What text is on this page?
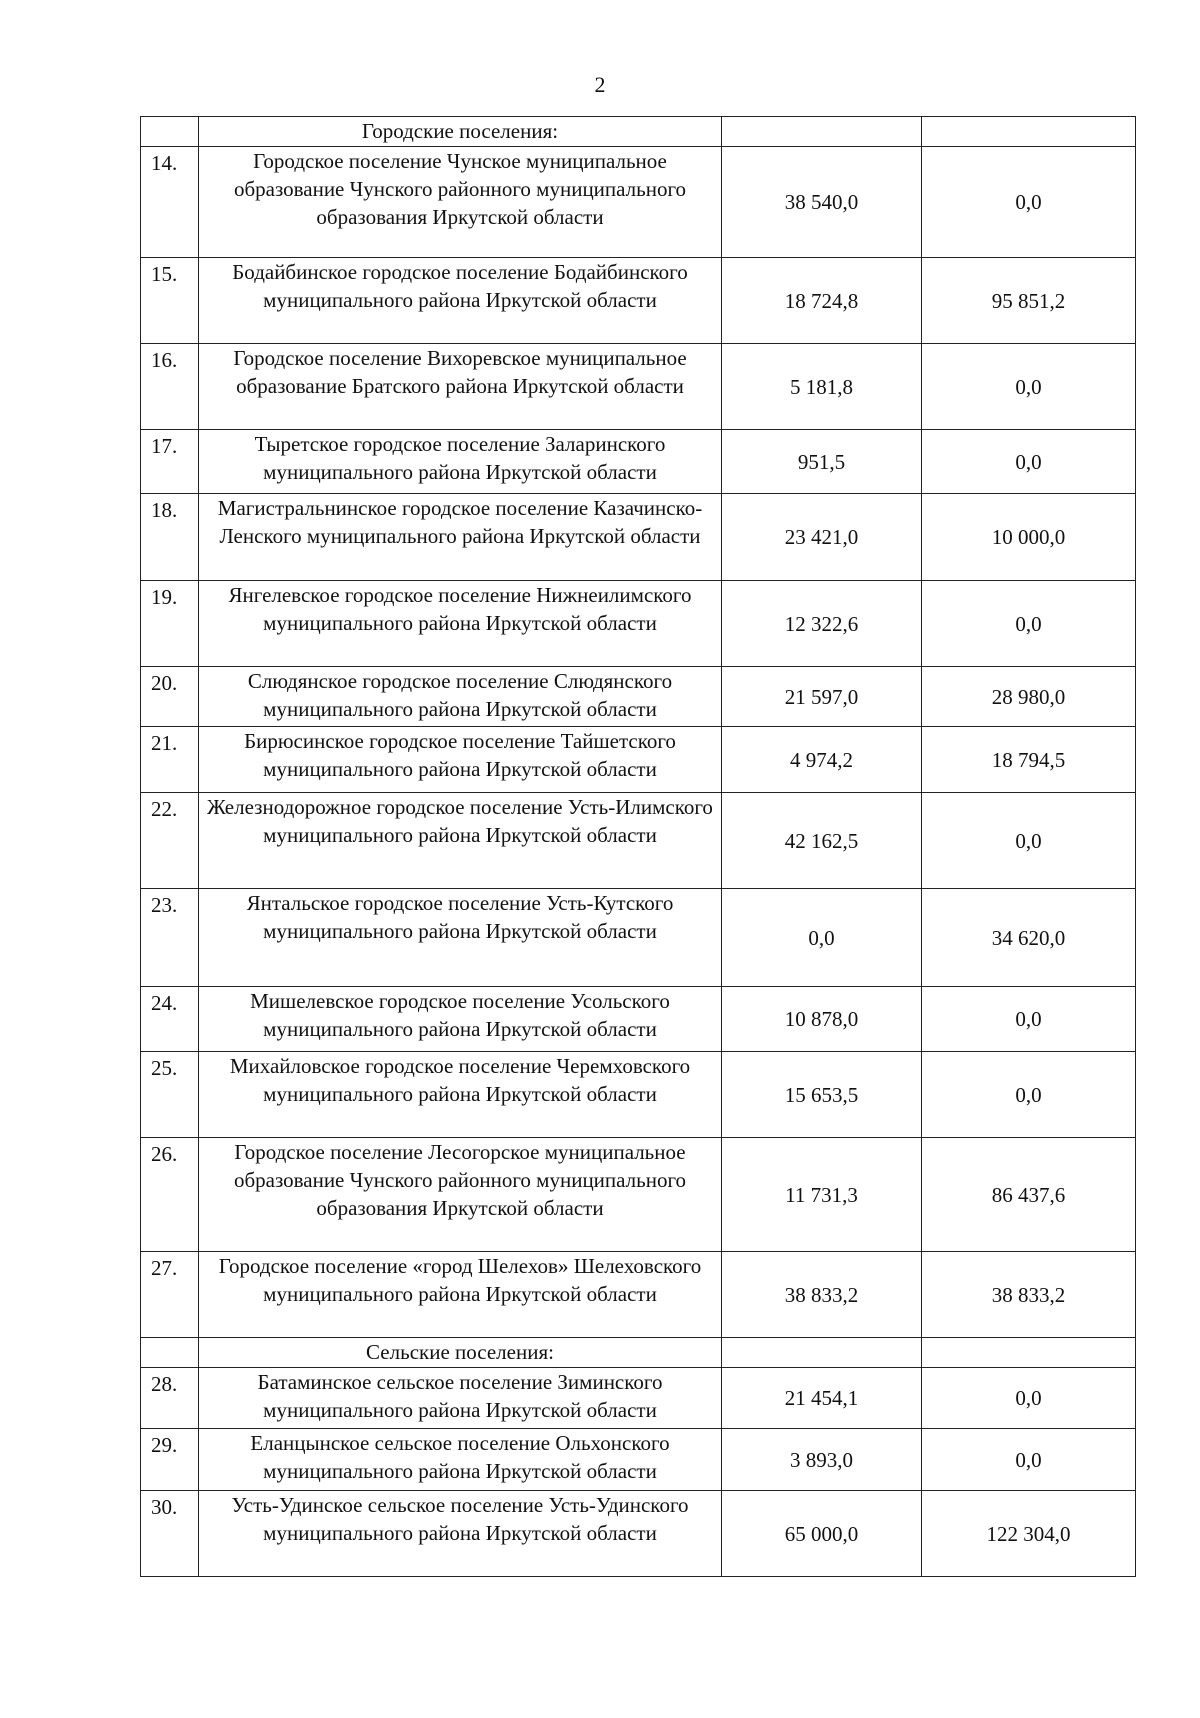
2
	Городские поселения:		
14.	Городское поселение Чунское муниципальное образование Чунского районного муниципального образования Иркутской области	38 540,0	0,0
15.	Бодайбинское городское поселение Бодайбинского муниципального района Иркутской области	18 724,8	95 851,2
16.	Городское поселение Вихоревское муниципальное образование Братского района Иркутской области	5 181,8	0,0
17.	Тыретское городское поселение Заларинского муниципального района Иркутской области	951,5	0,0
18.	Магистральнинское городское поселение Казачинско-Ленского муниципального района Иркутской области	23 421,0	10 000,0
19.	Янгелевское городское поселение Нижнеилимского муниципального района Иркутской области	12 322,6	0,0
20.	Слюдянское городское поселение Слюдянского муниципального района Иркутской области	21 597,0	28 980,0
21.	Бирюсинское городское поселение Тайшетского муниципального района Иркутской области	4 974,2	18 794,5
22.	Железнодорожное городское поселение Усть-Илимского муниципального района Иркутской области	42 162,5	0,0
23.	Янтальское городское поселение Усть-Кутского муниципального района Иркутской области	0,0	34 620,0
24.	Мишелевское городское поселение Усольского муниципального района Иркутской области	10 878,0	0,0
25.	Михайловское городское поселение Черемховского муниципального района Иркутской области	15 653,5	0,0
26.	Городское поселение Лесогорское муниципальное образование Чунского районного муниципального образования Иркутской области	11 731,3	86 437,6
27.	Городское поселение «город Шелехов» Шелеховского муниципального района Иркутской области	38 833,2	38 833,2
	Сельские поселения:		
28.	Батаминское сельское поселение Зиминского муниципального района Иркутской области	21 454,1	0,0
29.	Еланцынское сельское поселение Ольхонского муниципального района Иркутской области	3 893,0	0,0
30.	Усть-Удинское сельское поселение Усть-Удинского муниципального района Иркутской области	65 000,0	122 304,0
